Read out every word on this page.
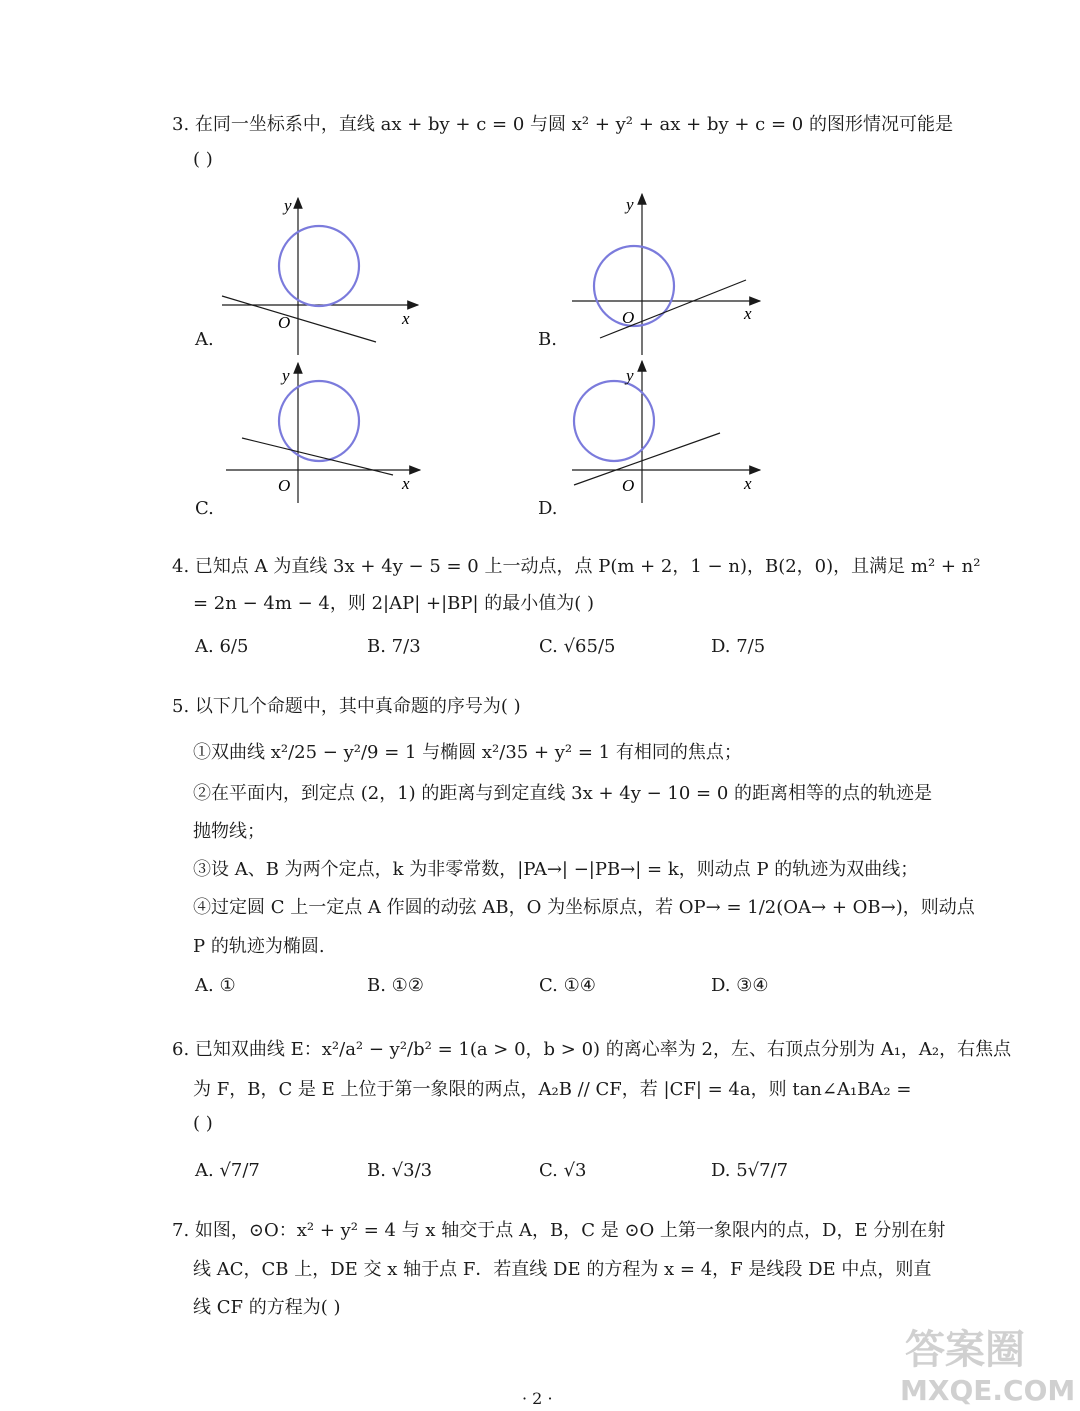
3. 在同一坐标系中，直线 ax + by + c = 0 与圆 x² + y² + ax + by + c = 0 的图形情况可能是
( )
y
x
O
A.
y
x
O
B.
y
x
O
C.
y
x
O
D.
4. 已知点 A 为直线 3x + 4y − 5 = 0 上一动点，点 P(m + 2，1 − n)，B(2，0)，且满足 m² + n²
= 2n − 4m − 4，则 2|AP| +|BP| 的最小值为( )
A. 6/5	B. 7/3	C. √65/5	D. 7/5
5. 以下几个命题中，其中真命题的序号为( )
①双曲线 x²/25 − y²/9 = 1 与椭圆 x²/35 + y² = 1 有相同的焦点；
②在平面内，到定点 (2，1) 的距离与到定直线 3x + 4y − 10 = 0 的距离相等的点的轨迹是
抛物线；
③设 A、B 为两个定点，k 为非零常数，|PA→| −|PB→| = k，则动点 P 的轨迹为双曲线；
④过定圆 C 上一定点 A 作圆的动弦 AB，O 为坐标原点，若 OP→ = 1/2(OA→ + OB→)，则动点
P 的轨迹为椭圆.
A. ①	B. ①②	C. ①④	D. ③④
6. 已知双曲线 E：x²/a² − y²/b² = 1(a > 0，b > 0) 的离心率为 2，左、右顶点分别为 A₁，A₂，右焦点
为 F，B，C 是 E 上位于第一象限的两点，A₂B // CF，若 |CF| = 4a，则 tan∠A₁BA₂ =
( )
A. √7/7	B. √3/3	C. √3	D. 5√7/7
7. 如图，⊙O：x² + y² = 4 与 x 轴交于点 A，B，C 是 ⊙O 上第一象限内的点，D，E 分别在射
线 AC，CB 上，DE 交 x 轴于点 F．若直线 DE 的方程为 x = 4，F 是线段 DE 中点，则直
线 CF 的方程为( )
· 2 ·
答案圈
MXQE.COM
